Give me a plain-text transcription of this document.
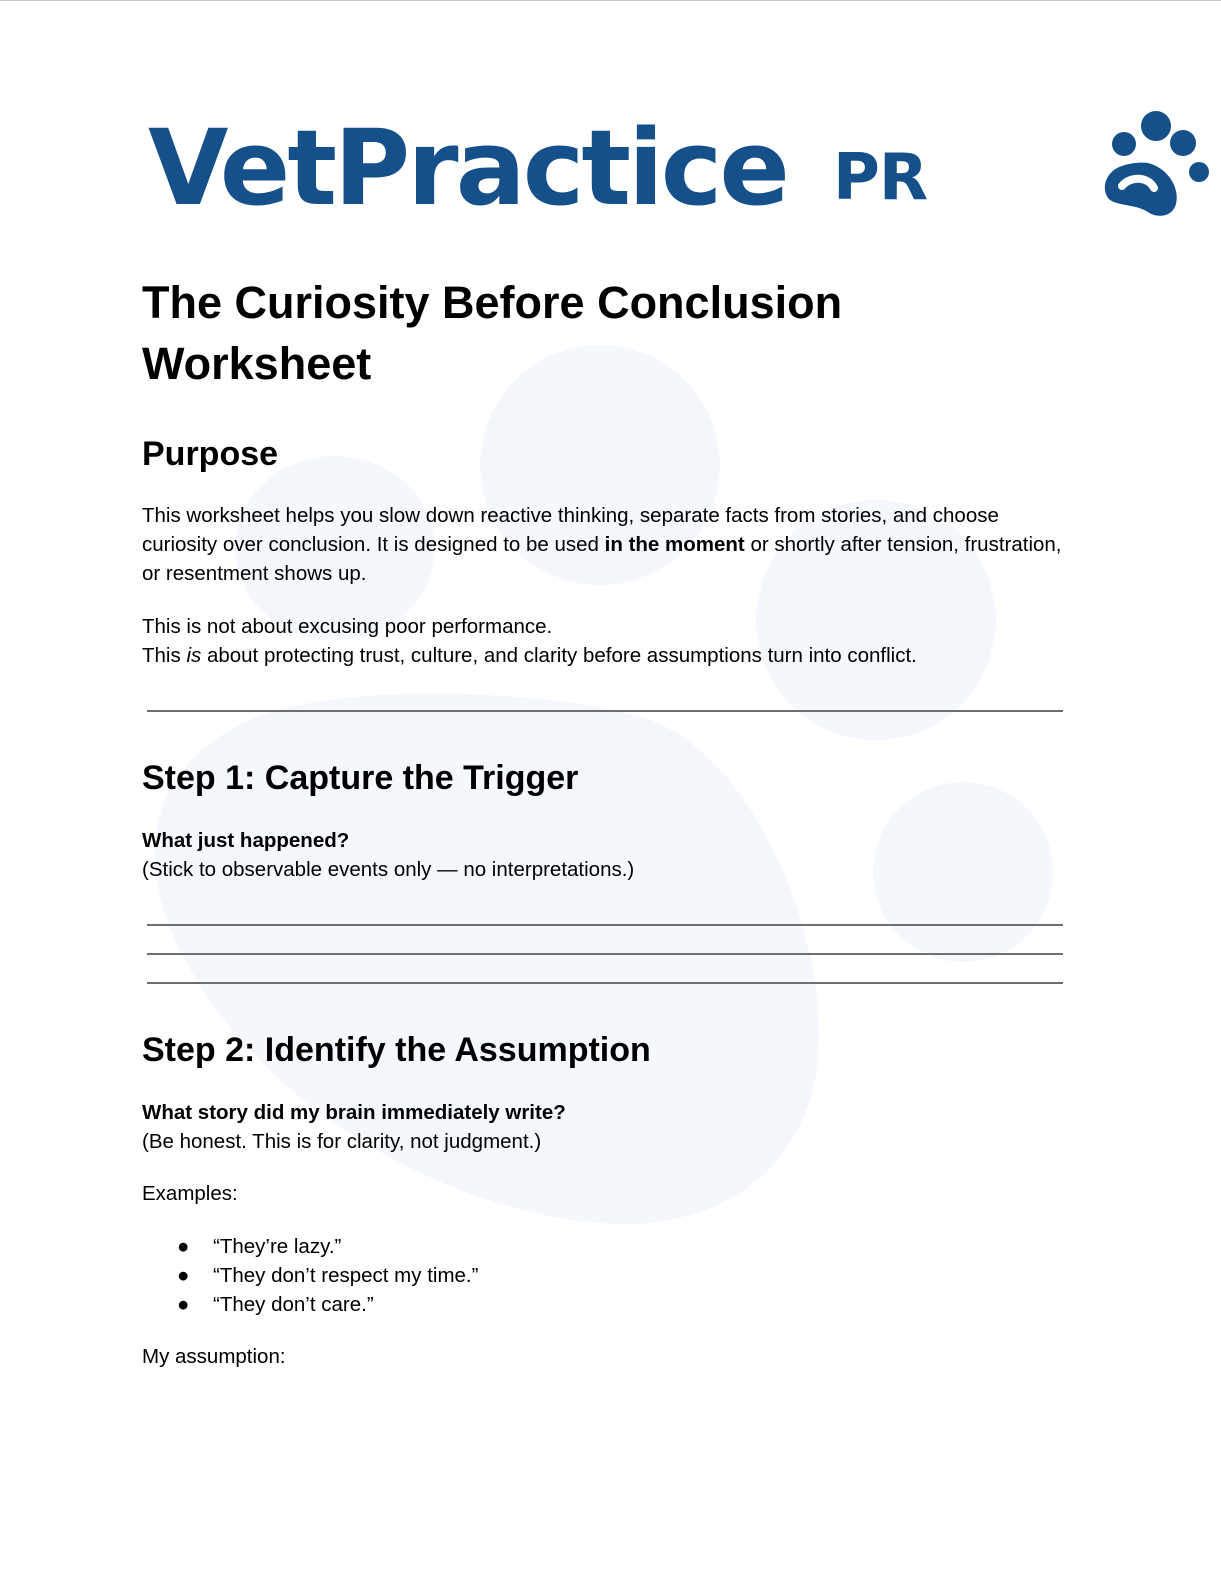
VetPractice PR
The Curiosity Before Conclusion Worksheet
Purpose

This worksheet helps you slow down reactive thinking, separate facts from stories, and choose curiosity over conclusion. It is designed to be used in the moment or shortly after tension, frustration, or resentment shows up.

This is not about excusing poor performance.
This is about protecting trust, culture, and clarity before assumptions turn into conflict.

Step 1: Capture the Trigger

What just happened?
(Stick to observable events only — no interpretations.)

Step 2: Identify the Assumption

What story did my brain immediately write?
(Be honest. This is for clarity, not judgment.)

Examples:

● “They’re lazy.”
● “They don’t respect my time.”
● “They don’t care.”

My assumption:
